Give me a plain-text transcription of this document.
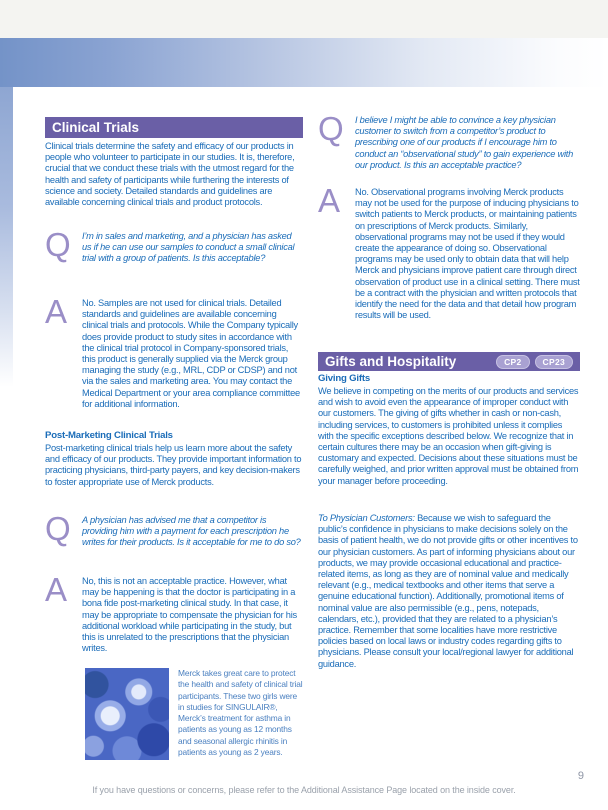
Clinical Trials
Clinical trials determine the safety and efficacy of our products in people who volunteer to participate in our studies. It is, therefore, crucial that we conduct these trials with the utmost regard for the health and safety of participants while furthering the interests of science and society. Detailed standards and guidelines are available concerning clinical trials and product protocols.
Q	I’m in sales and marketing, and a physician has asked us if he can use our samples to conduct a small clinical trial with a group of patients. Is this acceptable?
A	No. Samples are not used for clinical trials. Detailed standards and guidelines are available concerning clinical trials and protocols. While the Company typically does provide product to study sites in accordance with the clinical trial protocol in Company-sponsored trials, this product is generally supplied via the Merck group managing the study (e.g., MRL, CDP or CDSP) and not via the sales and marketing area. You may contact the Medical Department or your area compliance committee for additional information.
Post-Marketing Clinical Trials
Post-marketing clinical trials help us learn more about the safety and efficacy of our products. They provide important information to practicing physicians, third-party payers, and key decision-makers to foster appropriate use of Merck products.
Q	A physician has advised me that a competitor is providing him with a payment for each prescription he writes for their products. Is it acceptable for me to do so?
A	No, this is not an acceptable practice. However, what may be happening is that the doctor is participating in a bona fide post-marketing clinical study. In that case, it may be appropriate to compensate the physician for his additional workload while participating in the study, but this is unrelated to the prescriptions that the physician writes.
Merck takes great care to protect the health and safety of clinical trial participants. These two girls were in studies for SINGULAIR®, Merck’s treatment for asthma in patients as young as 12 months and seasonal allergic rhinitis in patients as young as 2 years.
Q	I believe I might be able to convince a key physician customer to switch from a competitor’s product to prescribing one of our products if I encourage him to conduct an “observational study” to gain experience with our product. Is this an acceptable practice?
A	No. Observational programs involving Merck products may not be used for the purpose of inducing physicians to switch patients to Merck products, or maintaining patients on prescriptions of Merck products. Similarly, observational programs may not be used if they would create the appearance of doing so. Observational programs may be used only to obtain data that will help Merck and physicians improve patient care through direct observation of product use in a clinical setting. There must be a contract with the physician and written protocols that identify the need for the data and that detail how program results will be used.
Gifts and Hospitality	CP2	CP23
Giving Gifts
We believe in competing on the merits of our products and services and wish to avoid even the appearance of improper conduct with our customers. The giving of gifts whether in cash or non-cash, including services, to customers is prohibited unless it complies with the specific exceptions described below. We recognize that in certain cultures there may be an occasion when gift-giving is customary and expected. Decisions about these situations must be carefully weighed, and prior written approval must be obtained from your manager before proceeding.
To Physician Customers: Because we wish to safeguard the public’s confidence in physicians to make decisions solely on the basis of patient health, we do not provide gifts or other incentives to our physician customers. As part of informing physicians about our products, we may provide occasional educational and practice-related items, as long as they are of nominal value and medically relevant (e.g., medical textbooks and other items that serve a genuine educational function). Additionally, promotional items of nominal value are also permissible (e.g., pens, notepads, calendars, etc.), provided that they are related to a physician’s practice. Remember that some localities have more restrictive policies based on local laws or industry codes regarding gifts to physicians. Please consult your local/regional lawyer for additional guidance.
9
If you have questions or concerns, please refer to the Additional Assistance Page located on the inside cover.
